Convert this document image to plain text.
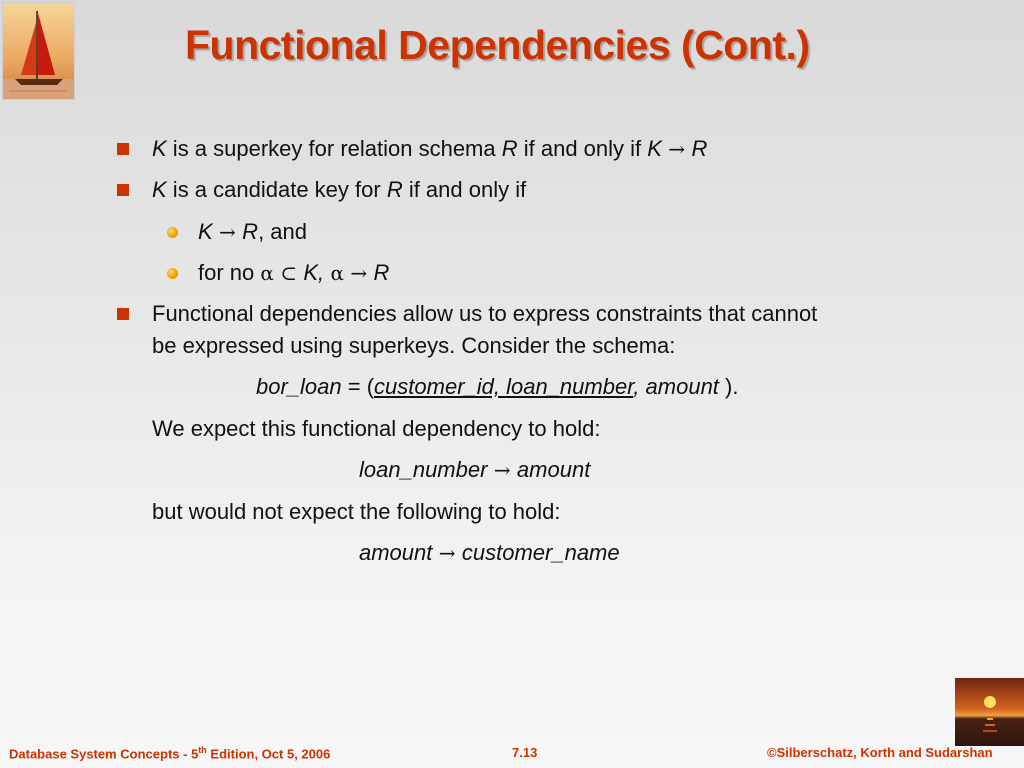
Functional Dependencies (Cont.)
K is a superkey for relation schema R if and only if K → R
K is a candidate key for R if and only if
K → R, and
for no α ⊂ K, α → R
Functional dependencies allow us to express constraints that cannot
be expressed using superkeys. Consider the schema:
bor_loan = (customer_id, loan_number, amount ).
We expect this functional dependency to hold:
loan_number → amount
but would not expect the following to hold:
amount → customer_name
Database System Concepts - 5th Edition, Oct 5, 2006	7.13	©Silberschatz, Korth and Sudarshan
